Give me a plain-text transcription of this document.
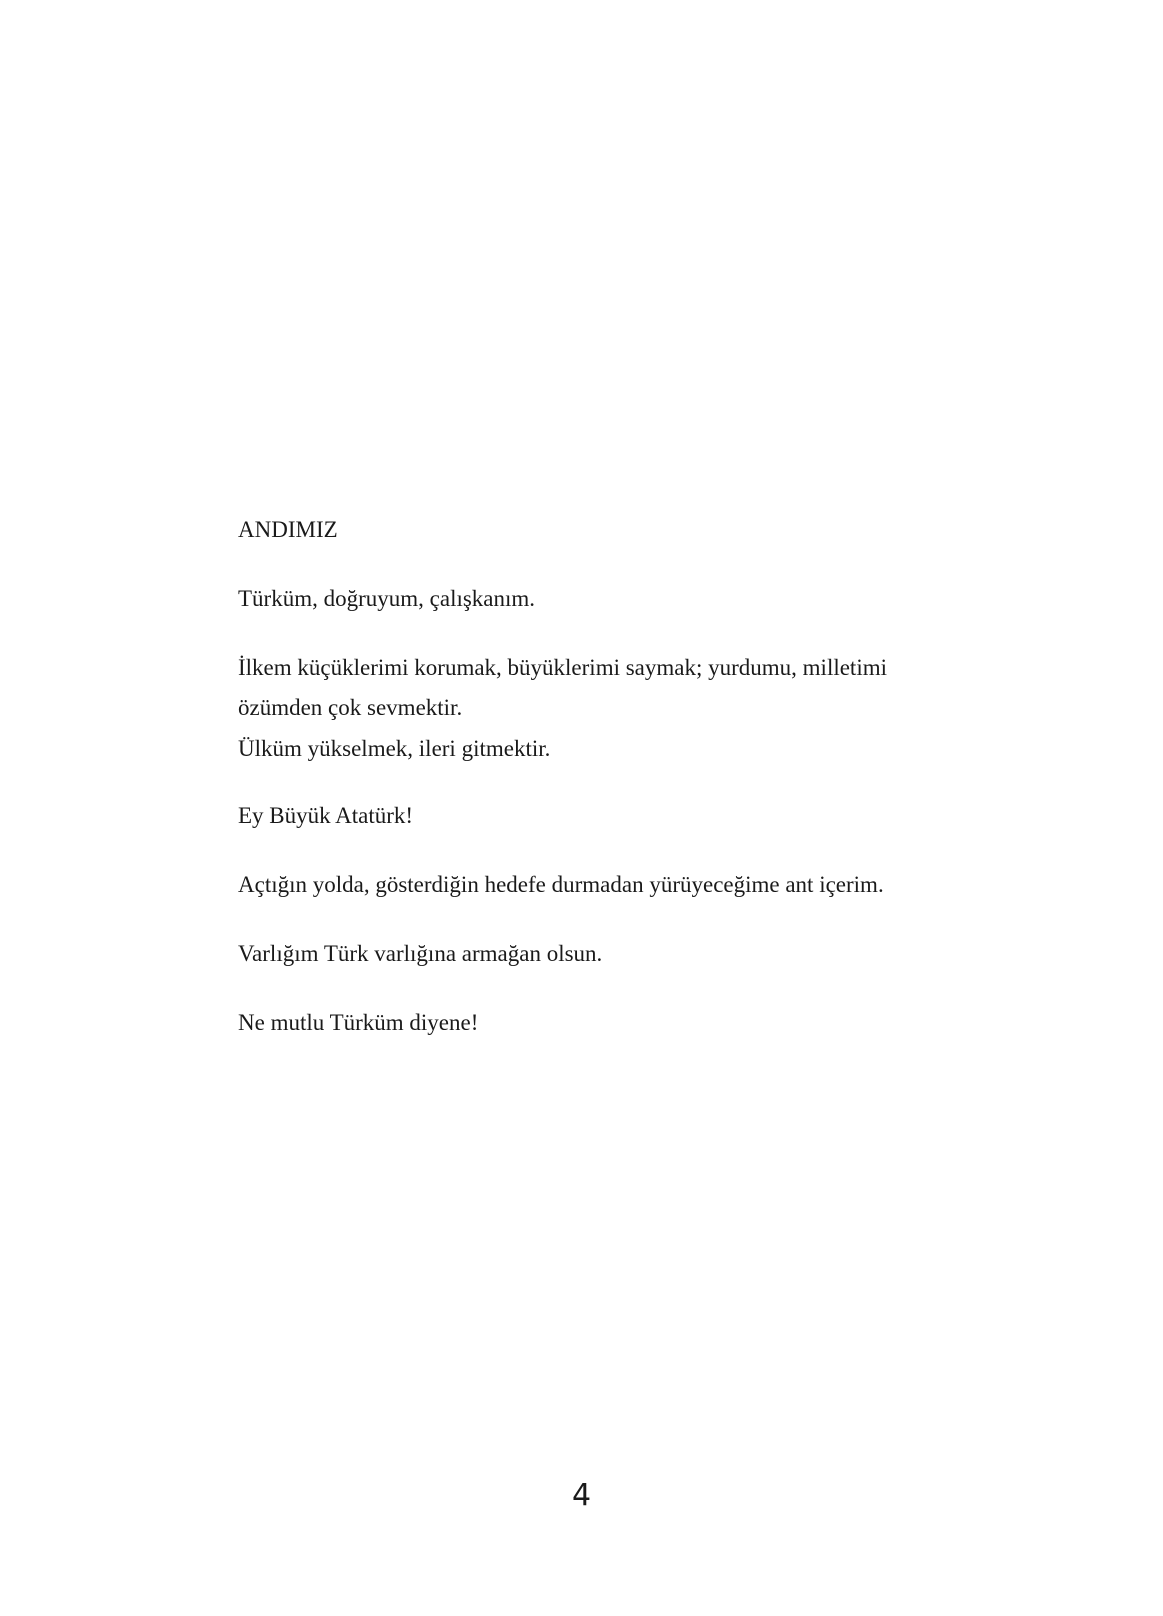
ANDIMIZ
Türküm, doğruyum, çalışkanım.
İlkem küçüklerimi korumak, büyüklerimi saymak; yurdumu, milletimi
özümden çok sevmektir.
Ülküm yükselmek, ileri gitmektir.
Ey Büyük Atatürk!
Açtığın yolda, gösterdiğin hedefe durmadan yürüyeceğime ant içerim.
Varlığım Türk varlığına armağan olsun.
Ne mutlu Türküm diyene!
4
